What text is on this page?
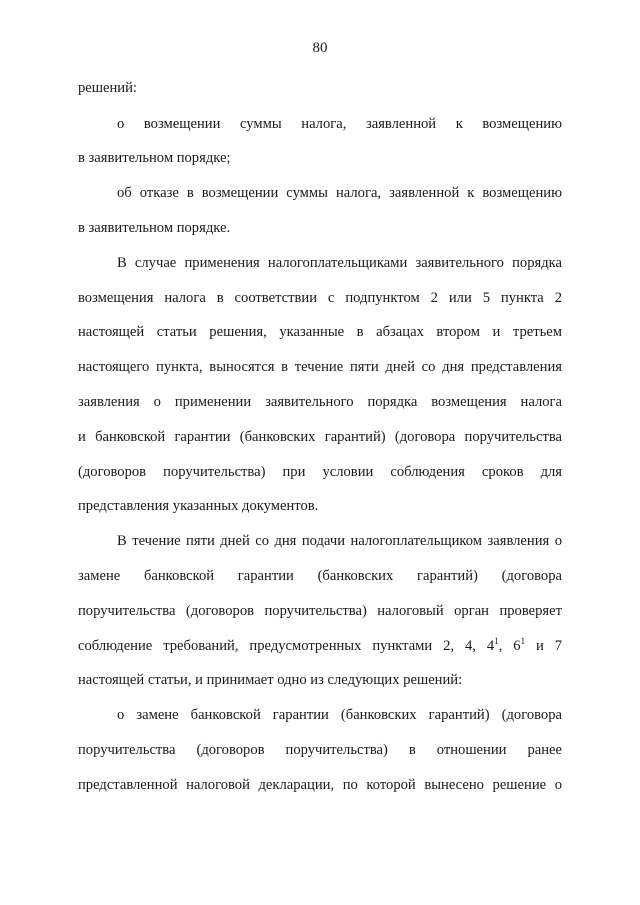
80
решений:
о возмещении суммы налога, заявленной к возмещению
в заявительном порядке;
об отказе в возмещении суммы налога, заявленной к возмещению
в заявительном порядке.
В случае применения налогоплательщиками заявительного порядка
возмещения налога в соответствии с подпунктом 2 или 5 пункта 2
настоящей статьи решения, указанные в абзацах втором и третьем
настоящего пункта, выносятся в течение пяти дней со дня представления
заявления о применении заявительного порядка возмещения налога
и банковской гарантии (банковских гарантий) (договора поручительства
(договоров поручительства) при условии соблюдения сроков для
представления указанных документов.
В течение пяти дней со дня подачи налогоплательщиком заявления о
замене банковской гарантии (банковских гарантий) (договора
поручительства (договоров поручительства) налоговый орган проверяет
соблюдение требований, предусмотренных пунктами 2, 4, $4^1$, $6^1$ и 7
настоящей статьи, и принимает одно из следующих решений:
о замене банковской гарантии (банковских гарантий) (договора
поручительства (договоров поручительства) в отношении ранее
представленной налоговой декларации, по которой вынесено решение о
